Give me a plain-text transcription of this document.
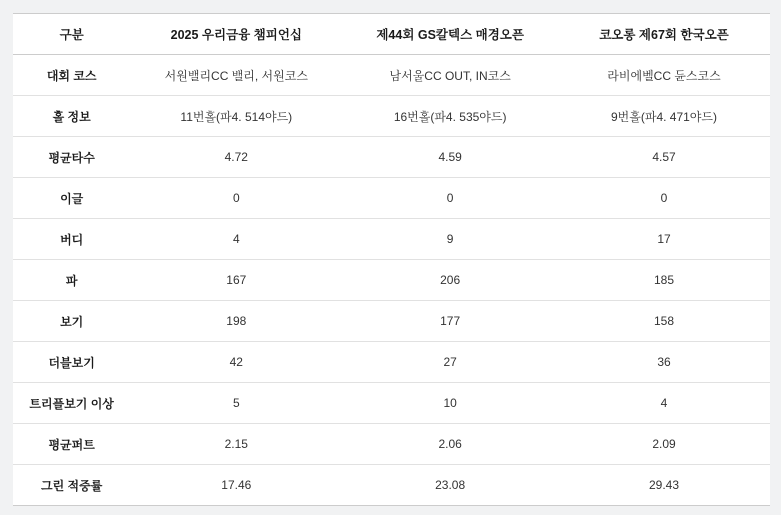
구분	2025 우리금융 챔피언십	제44회 GS칼텍스 매경오픈	코오롱 제67회 한국오픈
대회 코스	서원밸리CC 밸리, 서원코스	남서울CC OUT, IN코스	라비에벨CC 듄스코스
홀 정보	11번홀(파4. 514야드)	16번홀(파4. 535야드)	9번홀(파4. 471야드)
평균타수	4.72	4.59	4.57
이글	0	0	0
버디	4	9	17
파	167	206	185
보기	198	177	158
더블보기	42	27	36
트리플보기 이상	5	10	4
평균퍼트	2.15	2.06	2.09
그린 적중률	17.46	23.08	29.43
